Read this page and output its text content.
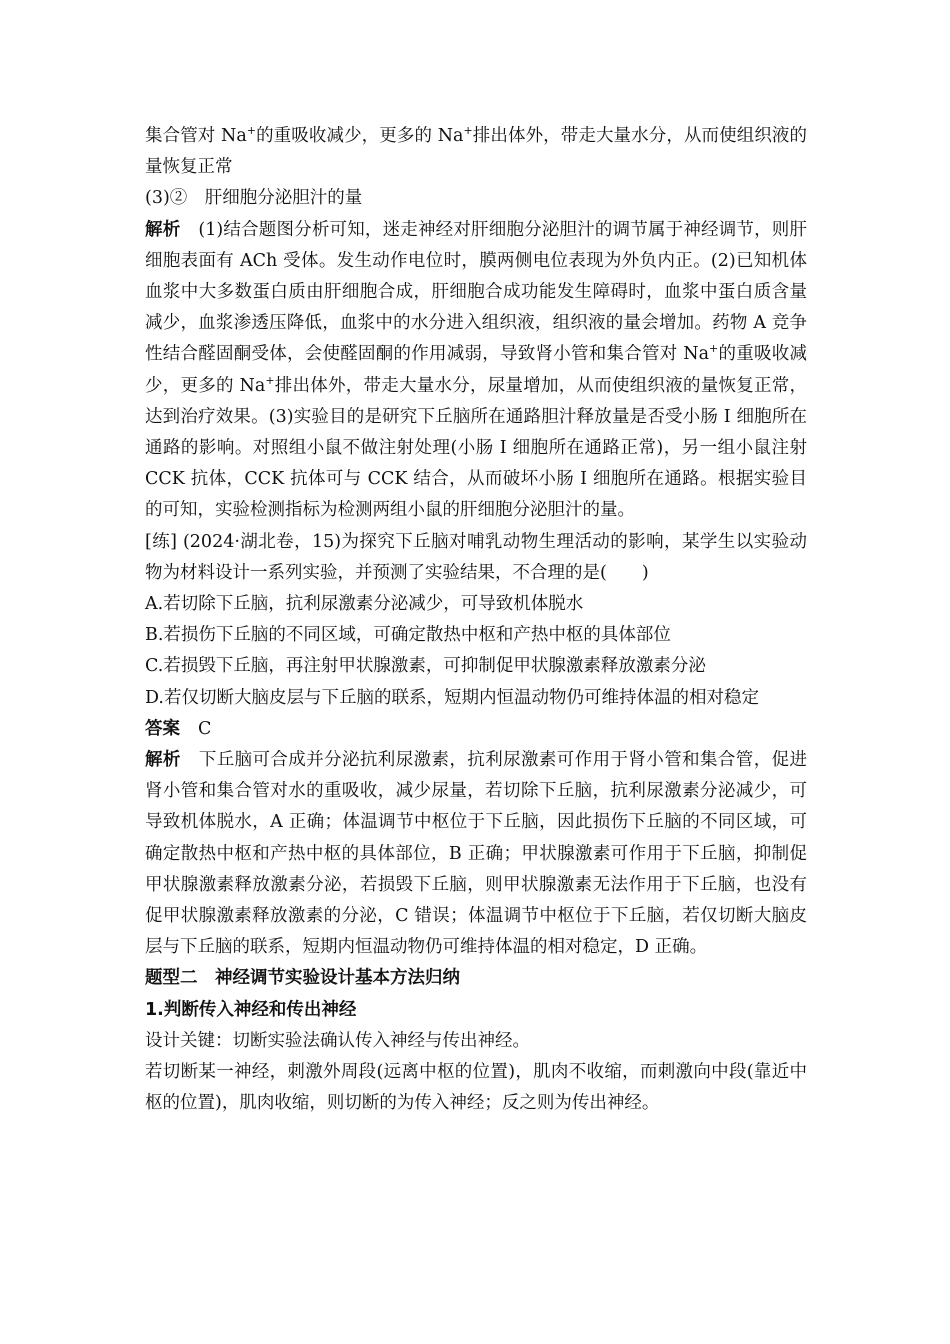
集合管对 Na+的重吸收减少，更多的 Na+排出体外，带走大量水分，从而使组织液的量恢复正常

(3)②　肝细胞分泌胆汁的量

解析 (1)结合题图分析可知，迷走神经对肝细胞分泌胆汁的调节属于神经调节，则肝细胞表面有 ACh 受体。发生动作电位时，膜两侧电位表现为外负内正。(2)已知机体血浆中大多数蛋白质由肝细胞合成，肝细胞合成功能发生障碍时，血浆中蛋白质含量减少，血浆渗透压降低，血浆中的水分进入组织液，组织液的量会增加。药物 A 竞争性结合醛固酮受体，会使醛固酮的作用减弱，导致肾小管和集合管对 Na+的重吸收减少，更多的 Na+排出体外，带走大量水分，尿量增加，从而使组织液的量恢复正常，达到治疗效果。(3)实验目的是研究下丘脑所在通路胆汁释放量是否受小肠 I 细胞所在通路的影响。对照组小鼠不做注射处理(小肠 I 细胞所在通路正常)，另一组小鼠注射 CCK 抗体，CCK 抗体可与 CCK 结合，从而破坏小肠 I 细胞所在通路。根据实验目的可知，实验检测指标为检测两组小鼠的肝细胞分泌胆汁的量。

[练] (2024·湖北卷，15)为探究下丘脑对哺乳动物生理活动的影响，某学生以实验动物为材料设计一系列实验，并预测了实验结果，不合理的是(　　)

A.若切除下丘脑，抗利尿激素分泌减少，可导致机体脱水

B.若损伤下丘脑的不同区域，可确定散热中枢和产热中枢的具体部位

C.若损毁下丘脑，再注射甲状腺激素，可抑制促甲状腺激素释放激素分泌

D.若仅切断大脑皮层与下丘脑的联系，短期内恒温动物仍可维持体温的相对稳定

答案 C

解析 下丘脑可合成并分泌抗利尿激素，抗利尿激素可作用于肾小管和集合管，促进肾小管和集合管对水的重吸收，减少尿量，若切除下丘脑，抗利尿激素分泌减少，可导致机体脱水，A 正确；体温调节中枢位于下丘脑，因此损伤下丘脑的不同区域，可确定散热中枢和产热中枢的具体部位，B 正确；甲状腺激素可作用于下丘脑，抑制促甲状腺激素释放激素分泌，若损毁下丘脑，则甲状腺激素无法作用于下丘脑，也没有促甲状腺激素释放激素的分泌，C 错误；体温调节中枢位于下丘脑，若仅切断大脑皮层与下丘脑的联系，短期内恒温动物仍可维持体温的相对稳定，D 正确。

题型二　神经调节实验设计基本方法归纳

1.判断传入神经和传出神经

设计关键：切断实验法确认传入神经与传出神经。

若切断某一神经，刺激外周段(远离中枢的位置)，肌肉不收缩，而刺激向中段(靠近中枢的位置)，肌肉收缩，则切断的为传入神经；反之则为传出神经。
